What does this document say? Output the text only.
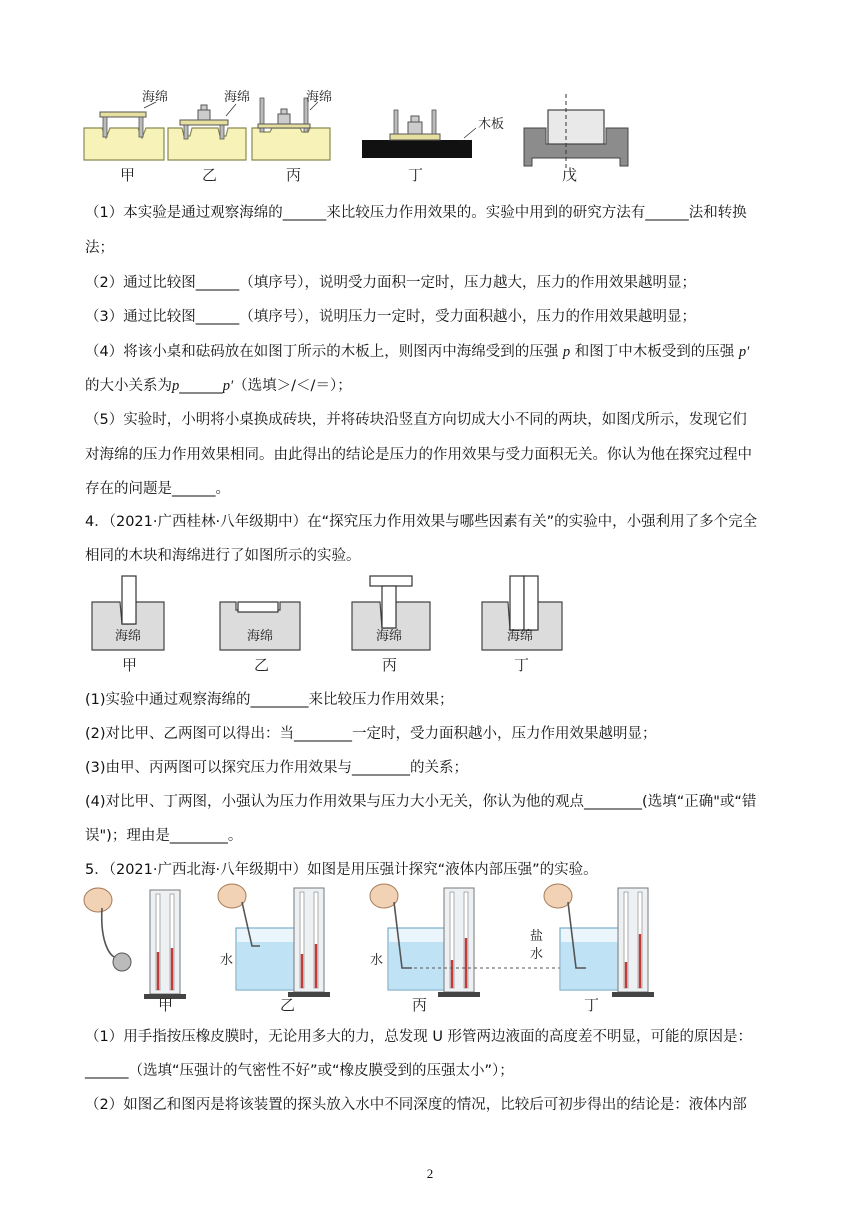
海绵
甲
海绵
乙
海绵
丙
木板
丁	戊
（1）本实验是通过观察海绵的______来比较压力作用效果的。实验中用到的研究方法有______法和转换
法；
（2）通过比较图______（填序号），说明受力面积一定时，压力越大，压力的作用效果越明显；
（3）通过比较图______（填序号），说明压力一定时，受力面积越小，压力的作用效果越明显；
（4）将该小桌和砝码放在如图丁所示的木板上，则图丙中海绵受到的压强 p 和图丁中木板受到的压强 p′
的大小关系为p______p′（选填＞/＜/＝）；
（5）实验时，小明将小桌换成砖块，并将砖块沿竖直方向切成大小不同的两块，如图戊所示，发现它们
对海绵的压力作用效果相同。由此得出的结论是压力的作用效果与受力面积无关。你认为他在探究过程中
存在的问题是______。
4．（2021·广西桂林·八年级期中）在“探究压力作用效果与哪些因素有关”的实验中，小强利用了多个完全
相同的木块和海绵进行了如图所示的实验。
海绵
甲
海绵
乙
海绵
丙
海绵
丁
(1)实验中通过观察海绵的________来比较压力作用效果；
(2)对比甲、乙两图可以得出：当________一定时，受力面积越小，压力作用效果越明显；
(3)由甲、丙两图可以探究压力作用效果与________的关系；
(4)对比甲、丁两图，小强认为压力作用效果与压力大小无关，你认为他的观点________(选填“正确"或“错
误")；理由是________。
5．（2021·广西北海·八年级期中）如图是用压强计探究“液体内部压强”的实验。
甲
水
乙
水
丙
盐
水
丁
（1）用手指按压橡皮膜时，无论用多大的力，总发现 U 形管两边液面的高度差不明显，可能的原因是：
______（选填“压强计的气密性不好”或“橡皮膜受到的压强太小”）；
（2）如图乙和图丙是将该装置的探头放入水中不同深度的情况，比较后可初步得出的结论是：液体内部
2
